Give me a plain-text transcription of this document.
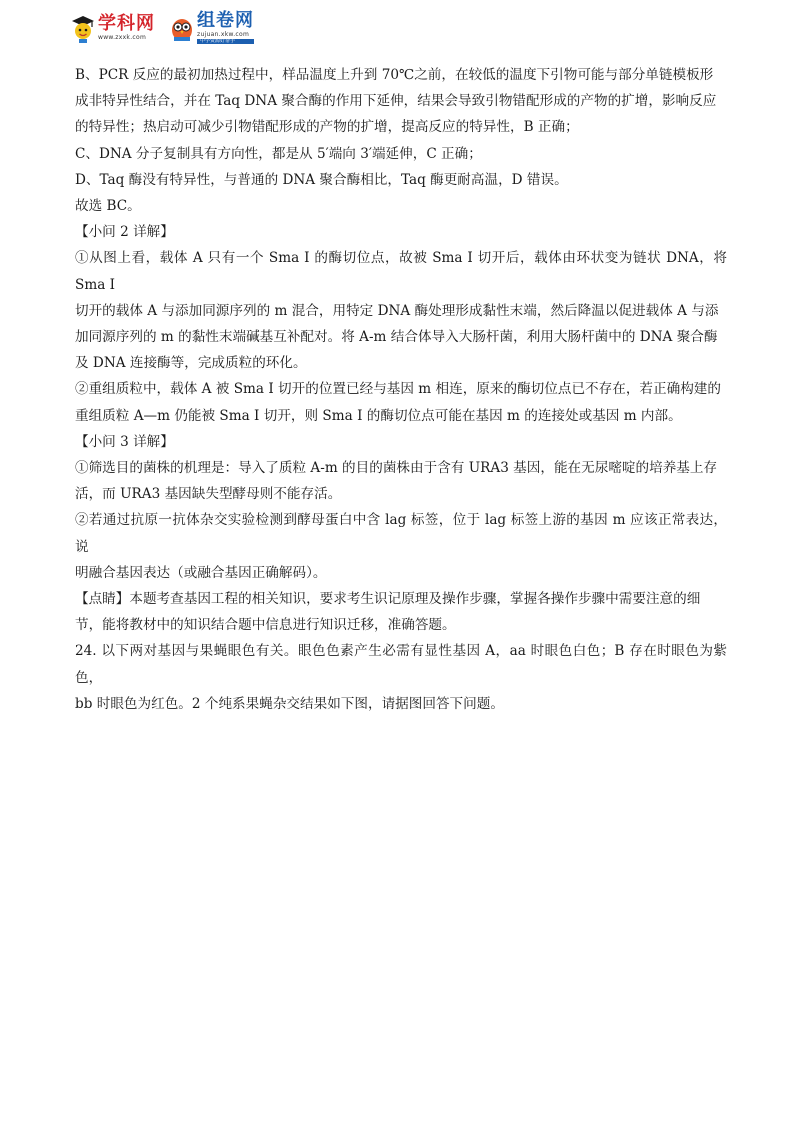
学科网
www.zxxk.com
组卷网
zujuan.xkw.com
中学资源好帮手

B、PCR 反应的最初加热过程中，样品温度上升到 70℃之前，在较低的温度下引物可能与部分单链模板形

成非特异性结合，并在 Taq DNA 聚合酶的作用下延伸，结果会导致引物错配形成的产物的扩增，影响反应

的特异性；热启动可减少引物错配形成的产物的扩增，提高反应的特异性，B 正确；

C、DNA 分子复制具有方向性，都是从 5′端向 3′端延伸，C 正确；

D、Taq 酶没有特异性，与普通的 DNA 聚合酶相比，Taq 酶更耐高温，D 错误。

故选 BC。

【小问 2 详解】

①从图上看，载体 A 只有一个 Sma I 的酶切位点，故被 Sma I 切开后，载体由环状变为链状 DNA，将 Sma I

切开的载体 A 与添加同源序列的 m 混合，用特定 DNA 酶处理形成黏性末端，然后降温以促进载体 A 与添

加同源序列的 m 的黏性末端碱基互补配对。将 A-m 结合体导入大肠杆菌，利用大肠杆菌中的 DNA 聚合酶

及 DNA 连接酶等，完成质粒的环化。

②重组质粒中，载体 A 被 Sma I 切开的位置已经与基因 m 相连，原来的酶切位点已不存在，若正确构建的

重组质粒 A—m 仍能被 Sma I 切开，则 Sma I 的酶切位点可能在基因 m 的连接处或基因 m 内部。

【小问 3 详解】

①筛选目的菌株的机理是：导入了质粒 A-m 的目的菌株由于含有 URA3 基因，能在无尿嘧啶的培养基上存

活，而 URA3 基因缺失型酵母则不能存活。

②若通过抗原一抗体杂交实验检测到酵母蛋白中含 lag 标签，位于 lag 标签上游的基因 m 应该正常表达，说

明融合基因表达（或融合基因正确解码）。

【点睛】本题考查基因工程的相关知识，要求考生识记原理及操作步骤，掌握各操作步骤中需要注意的细

节，能将教材中的知识结合题中信息进行知识迁移，准确答题。

24. 以下两对基因与果蝇眼色有关。眼色色素产生必需有显性基因 A，aa 时眼色白色；B 存在时眼色为紫色，

bb 时眼色为红色。2 个纯系果蝇杂交结果如下图，请据图回答下问题。
